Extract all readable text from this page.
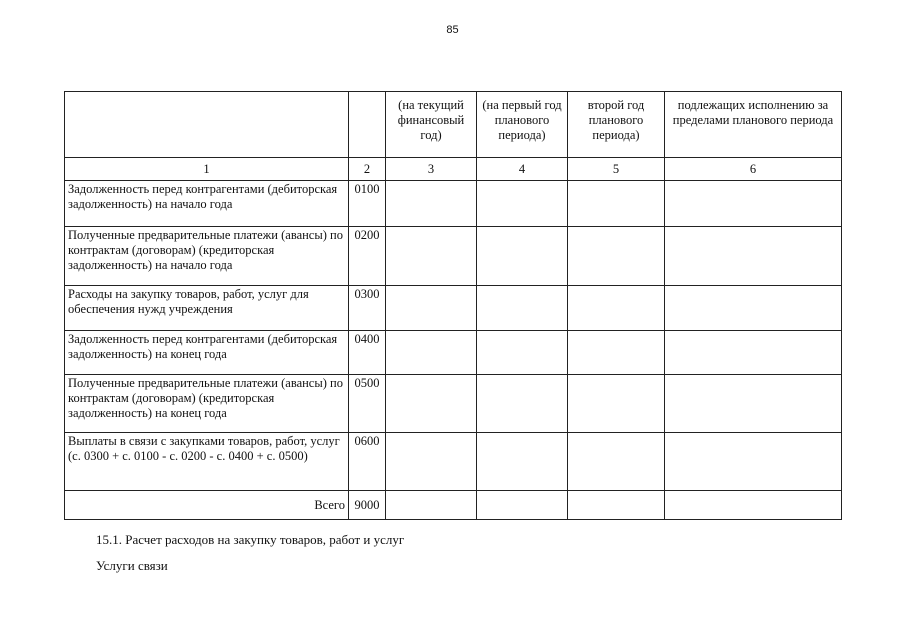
85
		(на текущий финансовый год)	(на первый год планового периода)	второй год планового периода)	подлежащих исполнению за пределами планового периода
1	2	3	4	5	6
Задолженность перед контрагентами (дебиторская задолженность) на начало года	0100				
Полученные предварительные платежи (авансы) по контрактам (договорам) (кредиторская задолженность) на начало года	0200				
Расходы на закупку товаров, работ, услуг для обеспечения нужд учреждения	0300				
Задолженность перед контрагентами (дебиторская задолженность) на конец года	0400				
Полученные предварительные платежи (авансы) по контрактам (договорам) (кредиторская задолженность) на конец года	0500				
Выплаты в связи с закупками товаров, работ, услуг (с. 0300 + с. 0100 - с. 0200 - с. 0400 + с. 0500)	0600				
Всего	9000				
15.1. Расчет расходов на закупку товаров, работ и услуг
Услуги связи
